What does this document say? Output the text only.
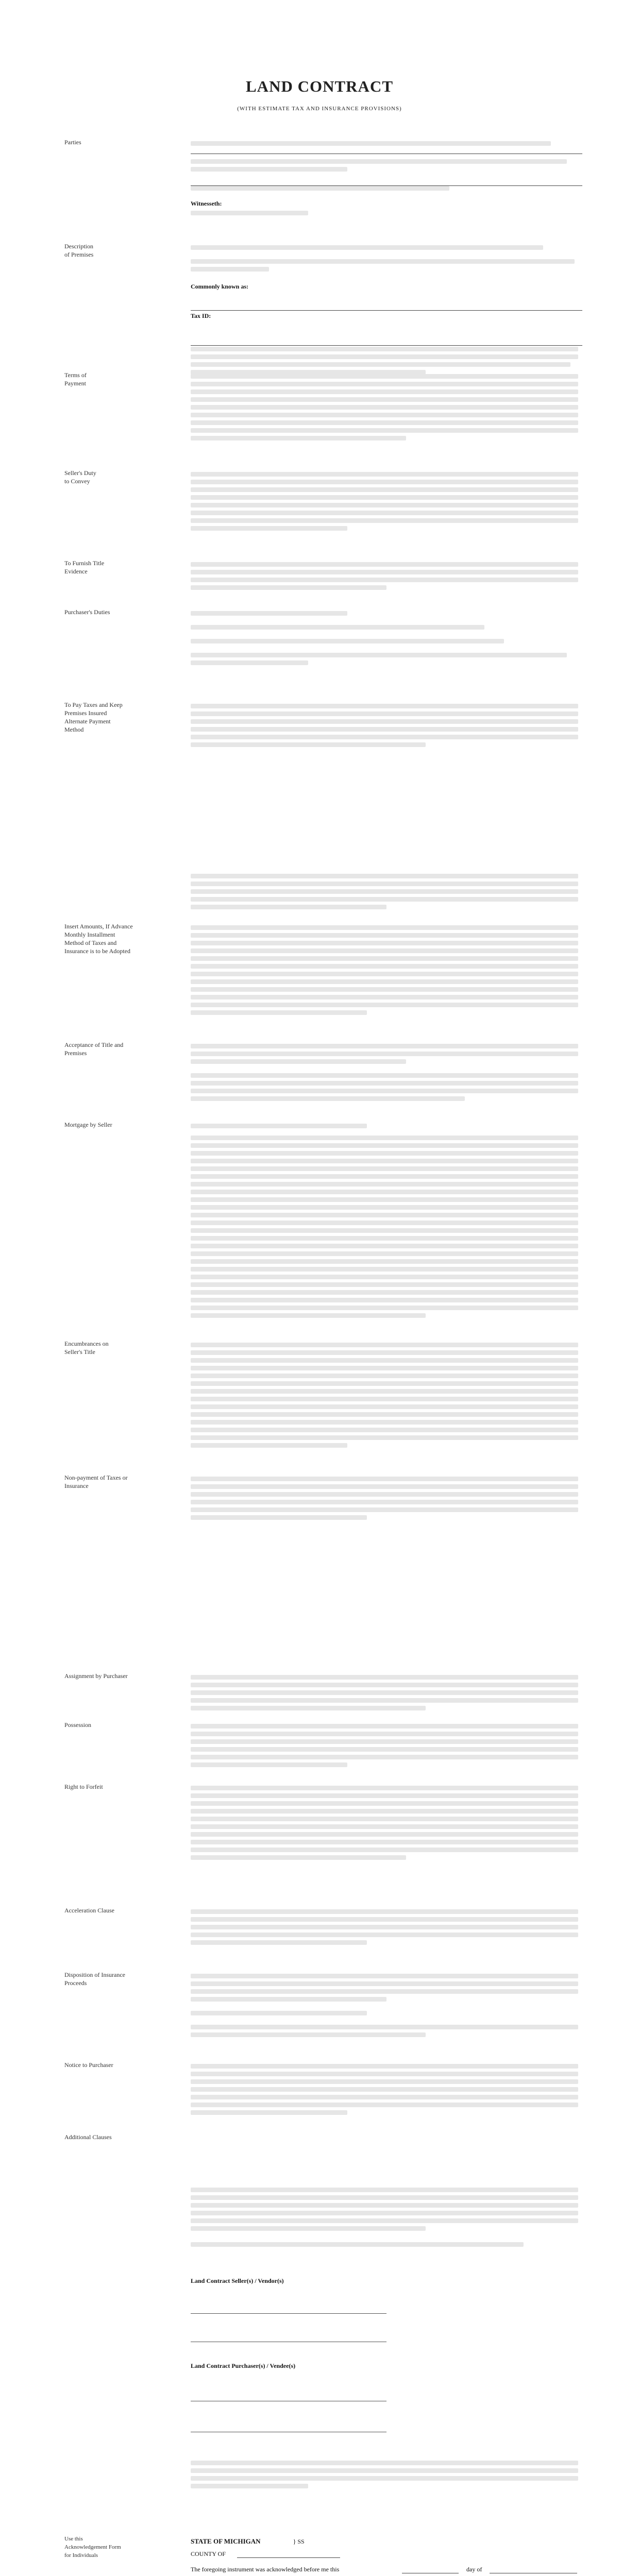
LAND CONTRACT
(WITH ESTIMATE TAX AND INSURANCE PROVISIONS)
Parties
Witnesseth:
Description
of Premises
Commonly known as:
Tax ID:
Terms of
Payment
Seller's Duty
to Convey
To Furnish Title
Evidence
Purchaser's Duties
To Pay Taxes and Keep
Premises Insured
Alternate Payment
Method
Insert Amounts, If Advance
Monthly Installment
Method of Taxes and
Insurance is to be Adopted
Acceptance of Title and
Premises
Mortgage by Seller
Encumbrances on
Seller's Title
Non-payment of Taxes or
Insurance
Assignment by Purchaser
Possession
Right to Forfeit
Acceleration Clause
Disposition of Insurance
Proceeds
Notice to Purchaser
Additional Clauses
Land Contract Seller(s) / Vendor(s)
Land Contract Purchaser(s) / Vendee(s)
Use this
Acknowledgement Form
for Individuals
STATE OF MICHIGAN	} SS
COUNTY OF
The foregoing instrument was acknowledged before me this	day of
